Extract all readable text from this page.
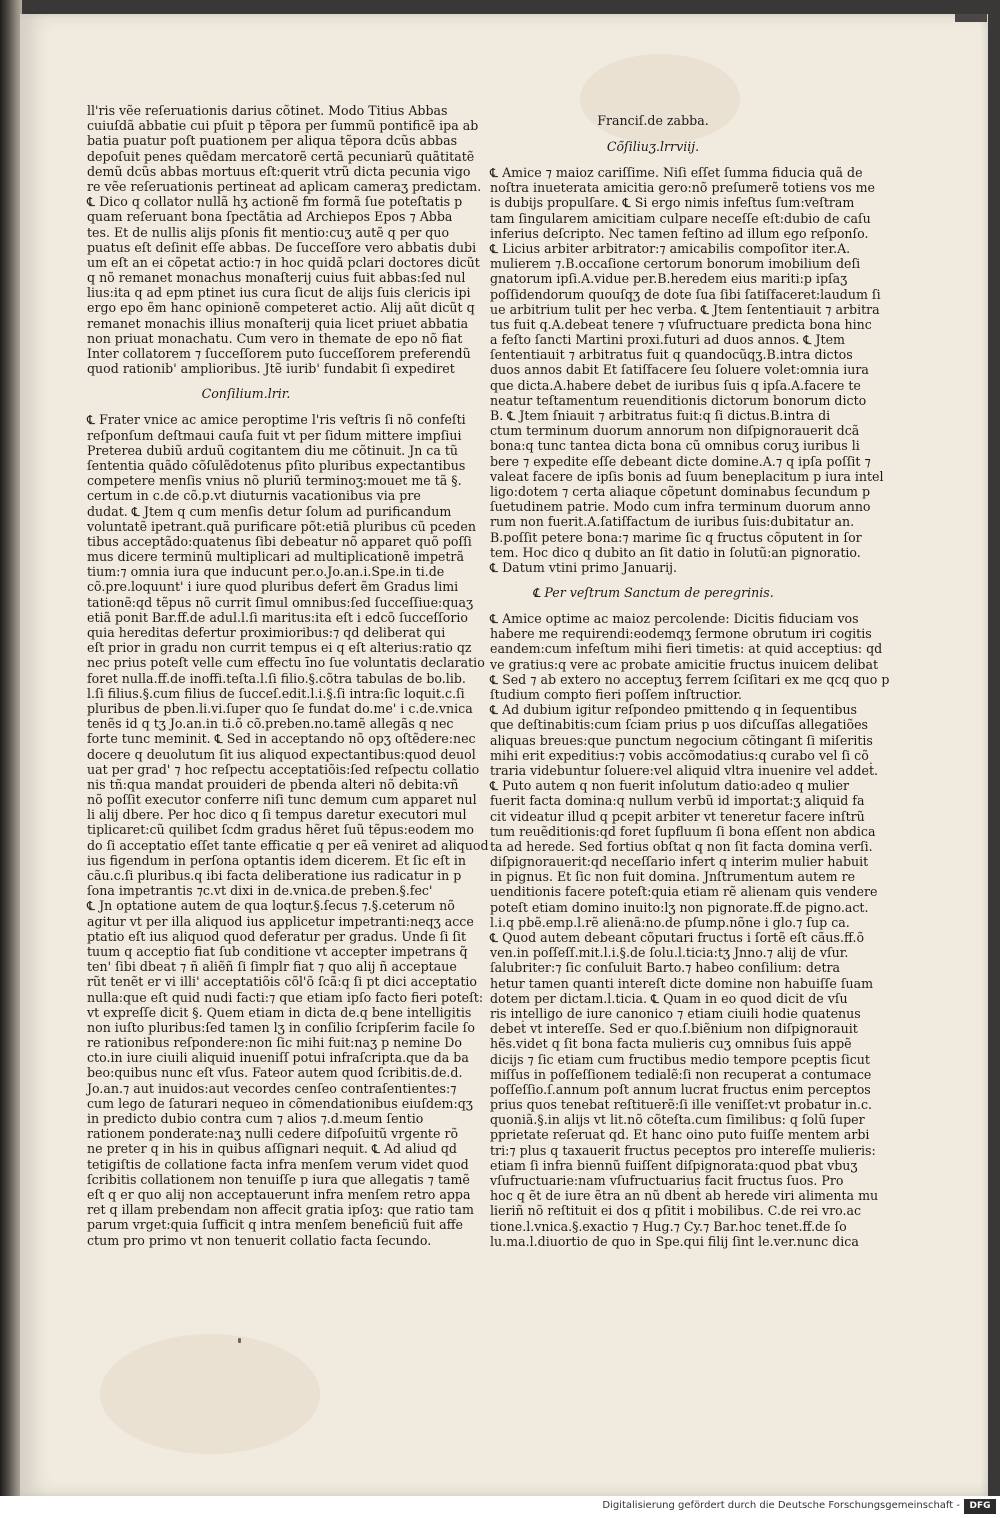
ll'ris vẽe reſeruationis darius cõtinet. Modo Titius Abbas
cuiuſdã abbatie cui pſuit p tẽpora per ſummũ pontificẽ ipa ab
batia puatur poſt puationem per aliqua tẽpora dcũs abbas
depoſuit penes quẽdam mercatorẽ certã pecuniarũ quãtitatẽ
demũ dcũs abbas mortuus eſt:querit vtrũ dicta pecunia vigo
re vẽe reſeruationis pertineat ad aplicam cameraʒ predictam.
℄ Dico q collator nullã hʒ actionẽ fm formã ſue poteſtatis p
quam reſeruant bona ſpectãtia ad Archiepos Epos ⁊ Abba
tes. Et de nullis alijs pſonis fit mentio:cuʒ autẽ q per quo
puatus eſt deſinit eſſe abbas. De ſucceſſore vero abbatis dubi
um eſt an ei cõpetat actio:⁊ in hoc quidã pclari doctores dicũt
q nõ remanet monachus monaſterij cuius fuit abbas:ſed nul
lius:ita q ad epm ptinet ius cura ſicut de alijs ſuis clericis ipi
ergo epo ẽm hanc opinionẽ competeret actio. Alij aũt dicũt q
remanet monachis illius monaſterij quia licet priuet abbatia
non priuat monachatu. Cum vero in themate de epo nõ fiat
Inter collatorem ⁊ ſucceſſorem puto ſucceſſorem preferendũ
quod rationib' amplioribus. Jtẽ iurib' fundabit ſi expediret
Conſilium.lrir.
℄ Frater vnice ac amice peroptime l'ris veſtris ſi nõ confeſti
reſponſum deſtmaui cauſa fuit vt per ſidum mittere impſiui
Preterea dubiũ arduũ cogitantem diu me cõtinuit. Jn ca tũ
ſententia quãdo cõſulẽdotenus pſito pluribus expectantibus
competere menſis vnius nõ pluriũ terminoʒ:mouet me tã §.
certum in c.de cõ.p.vt diuturnis vacationibus via pre
dudat. ℄ Jtem q cum menſis detur ſolum ad purificandum
voluntatẽ ipetrant.quã purificare põt:etiã pluribus cũ pceden
tibus acceptãdo:quatenus ſibi debeatur nõ apparet quõ poſſi
mus dicere terminũ multiplicari ad multiplicationẽ impetrã
tium:⁊ omnia iura que inducunt per.o.Jo.an.i.Spe.in ti.de
cõ.pre.loquunt' i iure quod pluribus deferṫ ẽm Gradus limi
tationẽ:qd tẽpus nõ currit ſimul omnibus:ſed ſucceſſiue:quaʒ
etiã ponit Bar.ff.de adul.l.ſi maritus:ita eſt i edcõ ſucceſſorio
quia hereditas defertur proximioribus:⁊ qd deliberat qui
eſt prior in gradu non currit tempus ei q eſt alterius:ratio qz
nec prius poteſt velle cum effectu īno ſue voluntatis declaratio
foret nulla.ff.de inoffi.teſta.l.ſi filio.§.cõtra tabulas de bo.lib.
l.ſi filius.§.cum filius de ſucceſ.edit.l.i.§.ſi intra:ſic loquit.c.ſi
pluribus de pben.li.vi.ſuper quo ſe fundat do.me' i c.de.vnica
tenẽs id q tʒ Jo.an.in ti.õ cõ.preben.no.tamẽ allegãs q nec
forte tunc meminit. ℄ Sed in acceptando nõ opʒ oſtẽdere:nec
docere q deuolutum ſit ius aliquod expectantibus:quod deuol
uat per grad' ⁊ hoc reſpectu acceptatiõis:ſed reſpectu collatio
nis tñ:qua mandat prouideri de pbenda alteri nõ debita:vñ
nõ poſſit executor conferre niſi tunc demum cum apparet nul
li alij dbere. Per hoc dico q ſi tempus daretur executori mul
tiplicaret:cũ quilibet ſcdm gradus hẽret ſuũ tẽpus:eodem mo
do ſi acceptatio eſſet tante efficatie q per eã veniret ad aliquod
ius figendum in perſona optantis idem dicerem. Et ſic eſt in
cãu.c.ſi pluribus.q ibi facta deliberatione ius radicatur in p
ſona impetrantis ⁊c.vt dixi in de.vnica.de preben.§.fec'
℄ Jn optatione autem de qua loqtur.§.ſecus ⁊.§.ceterum nõ
agitur vt per illa aliquod ius applicetur impetranti:neqʒ acce
ptatio eſt ius aliquod quod deferatur per gradus. Unde ſi ſit
tuum q acceptio fiat ſub conditione vt accepter impetrans q̃
ten' ſibi dbeat ⁊ ñ aliẽñ ſi ſimplr fiat ⁊ quo alij ñ acceptaue
rũt tenẽt er vi illi' acceptatiõis cõl'õ ſcã:q ſi pt dici acceptatio
nulla:que eſt quid nudi facti:⁊ que etiam ipſo facto fieri poteſt:
vt expreſſe dicit §. Quem etiam in dicta de.q bene intelligitis
non iuſto pluribus:ſed tamen lʒ in conſilio ſcripſerim facile ſo
re rationibus reſpondere:non ſic mihi fuit:naʒ p nemine Do
cto.in iure ciuili aliquid inueniſſ potui infraſcripta.que da ba
beo:quibus nunc eſt vſus. Fateor autem quod ſcribitis.de.d.
Jo.an.⁊ aut inuidos:aut vecordes cenſeo contraſentientes:⁊
cum lego de ſaturari nequeo in cõmendationibus eiuſdem:qʒ
in predicto dubio contra cum ⁊ alios ⁊.d.meum ſentio
rationem ponderate:naʒ nulli cedere diſpoſuitũ vrgente rõ
ne preter q in his in quibus aſſignari nequit. ℄ Ad aliud qd
tetigiſtis de collatione facta infra menſem verum videt quod
ſcribitis collationem non tenuiſſe p iura que allegatis ⁊ tamẽ
eſt q er quo alij non acceptauerunt infra menſem retro appa
ret q illam prebendam non affecit gratia ipſoʒ: que ratio tam
parum vrget:quia ſufficit q intra menſem beneficiũ fuit affe
ctum pro primo vt non tenuerit collatio facta ſecundo.
Franciſ.de zabba.
Cõſiliuʒ.lrrviij.
℄ Amice ⁊ maioz cariſſime. Niſi eſſet ſumma fiducia quã de
noſtra inueterata amicitia gero:nõ preſumerẽ totiens vos me
is dubijs propulſare. ℄ Si ergo nimis infeſtus ſum:veſtram
tam ſingularem amicitiam culpare neceſſe eſt:dubio de caſu
inferius deſcripto. Nec tamen feſtino ad illum ego reſponſo.
℄ Licius arbiter arbitrator:⁊ amicabilis compoſitor iter.A.
mulierem ⁊.B.occaſione certorum bonorum imobilium deſi
gnatorum ipſi.A.vidue per.B.heredem eius mariti:p ipſaʒ
poſſidendorum quouſqʒ de dote ſua ſibi ſatiſfaceret:laudum ſi
ue arbitrium tulit per hec verba. ℄ Jtem ſententiauit ⁊ arbitra
tus fuit q.A.debeat tenere ⁊ vſufructuare predicta bona hinc
a feſto ſancti Martini proxi.futuri ad duos annos. ℄ Jtem
ſententiauit ⁊ arbitratus fuit q quandocũqʒ.B.intra dictos
duos annos dabit Et ſatiſfacere ſeu ſoluere volet:omnia iura
que dicta.A.habere debet de iuribus ſuis q ipſa.A.facere te
neatur teſtamentum reuenditionis dictorum bonorum dicto
B. ℄ Jtem ſniauit ⁊ arbitratus fuit:q ſi dictus.B.intra di
ctum terminum duorum annorum non diſpignorauerit dcã
bona:q tunc tantea dicta bona cũ omnibus coruʒ iuribus li
bere ⁊ expedite eſſe debeant dicte domine.A.⁊ q ipſa poſſit ⁊
valeat facere de ipſis bonis ad ſuum beneplacitum p iura intel
ligo:dotem ⁊ certa aliaque cõpetunt dominabus ſecundum p
ſuetudinem patrie. Modo cum infra terminum duorum anno
rum non fuerit.A.ſatiſfactum de iuribus ſuis:dubitatur an.
B.poſſit petere bona:⁊ marime ſic q fructus cõputent in ſor
tem. Hoc dico q dubito an ſit datio in ſolutũ:an pignoratio.
℄ Datum vtini primo Januarij.
℄ Per veſtrum Sanctum de peregrinis.
℄ Amice optime ac maioz percolende: Dicitis fiduciam vos
habere me requirendi:eodemqʒ ſermone obrutum iri cogitis
eandem:cum infeſtum mihi fieri timetis: at quid acceptius: qd
ve gratius:q vere ac probate amicitie fructus inuicem delibat
℄ Sed ⁊ ab extero no acceptuʒ ferrem ſciſitari ex me qcq quo p
ſtudium compto fieri poſſem inſtructior.
℄ Ad dubium igitur reſpondeo pmittendo q in ſequentibus
que deſtinabitis:cum ſciam prius p uos diſcuſſas allegatiões
aliquas breues:que punctum negocium cõtingant ſi miſeritis
mihi erit expeditius:⁊ vobis accõmodatius:q curabo vel ſi cõ
traria videbuntur ſoluere:vel aliquid vltra inuenire vel addeṫ.
℄ Puto autem q non fuerit inſolutum datio:adeo q mulier
fuerit facta domina:q nullum verbũ id importat:ʒ aliquid fa
cit videatur illud q pcepit arbiter vt teneretur facere inſtrũ
tum reuẽditionis:qd foret ſupfluum ſi bona eſſent non abdica
ta ad herede. Sed fortius obſtat q non ſit facta domina verſi.
diſpignorauerit:qd neceſſario infert q interim mulier habuit
in pignus. Et ſic non fuit domina. Jnſtrumentum autem re
uenditionis facere poteſt:quia etiam rẽ alienam quis vendere
poteſt etiam domino inuito:lʒ non pignorate.ff.de pigno.act.
l.i.q pbẽ.emp.l.rẽ alienã:no.de pſump.nõne i glo.⁊ ſup ca.
℄ Quod autem debeant cõputari fructus i ſortẽ eſt cãus.ff.õ
ven.in poſſeſſ.mit.l.i.§.de ſolu.l.ticia:tʒ Jnno.⁊ alij de vſur.
ſalubriter:⁊ ſic conſuluit Barto.⁊ habeo conſilium: detra
hetur tamen quanti intereſt dicte domine non habuiſſe ſuam
dotem per dictam.l.ticia. ℄ Quam in eo quod dicit de vſu
ris intelligo de iure canonico ⁊ etiam ciuili hodie quatenus
debeṫ vt intereſſe. Sed er quo.ſ.biẽnium non diſpignorauit
hẽs.videt q ſit bona facta mulieris cuʒ omnibus ſuis appẽ
dicijs ⁊ ſic etiam cum fructibus medio tempore pceptis ſicut
miſſus in poſſeſſionem tedialẽ:ſi non recuperat a contumace
poſſeſſio.ſ.annum poſt annum lucrat fructus enim perceptos
prius quos tenebat reſtituerẽ:ſi ille veniſſet:vt probatur in.c.
quoniã.§.in alijs vt lit.nõ cõteſta.cum ſimilibus: q ſolũ ſuper
pprietate reſeruat qd. Et hanc oino puto fuiſſe mentem arbi
tri:⁊ plus q taxauerit fructus peceptos pro intereſſe mulieris:
etiam ſi infra biennũ fuiſſent diſpignorata:quod pbat vbuʒ
vſufructuarie:nam vſufructuarius facit fructus ſuos. Pro
hoc q ẽt de iure ẽtra an nũ dbenṫ ab herede viri alimenta mu
lieriñ nõ reſtituit ei dos q pſitit i mobilibus. C.de rei vro.ac
tione.l.vnica.§.exactio ⁊ Hug.⁊ Cy.⁊ Bar.hoc tenet.ff.de ſo
lu.ma.l.diuortio de quo in Spe.qui filij ſint le.ver.nunc dica
Digitalisierung gefördert durch die Deutsche Forschungsgemeinschaft -	DFG
